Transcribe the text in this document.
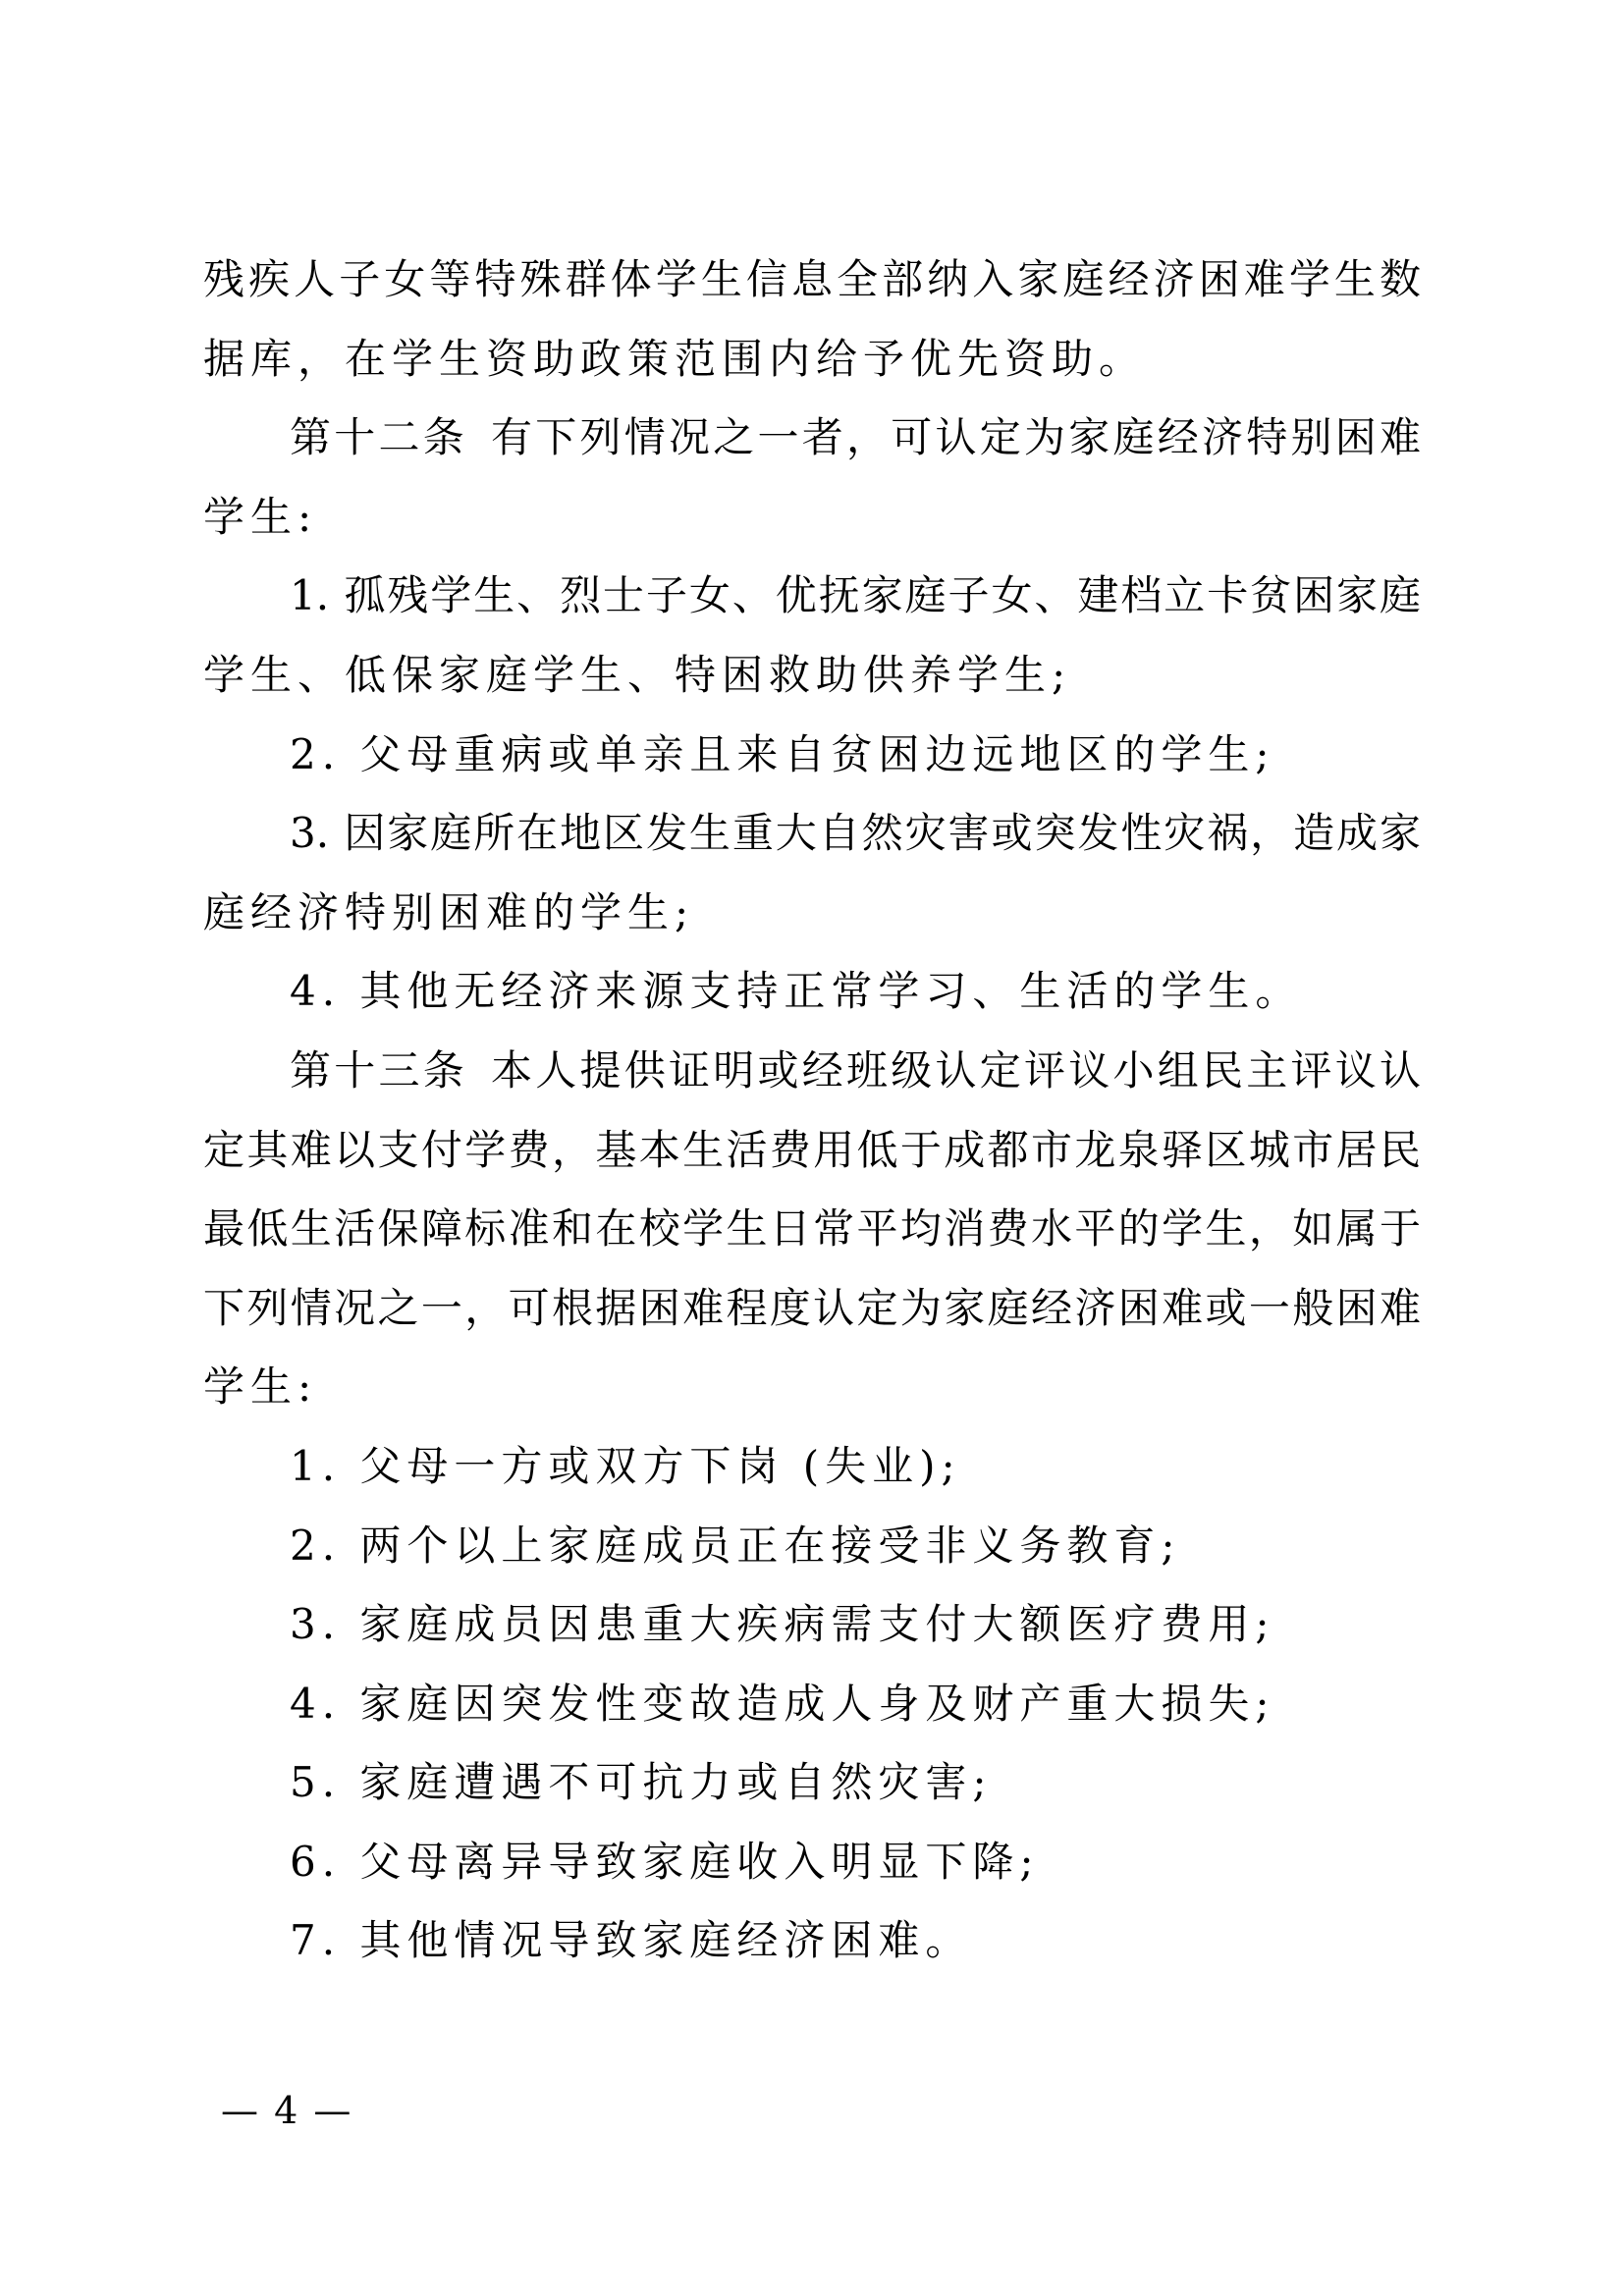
残疾人子女等特殊群体学生信息全部纳入家庭经济困难学生数
据库，在学生资助政策范围内给予优先资助。
第十二条 有下列情况之一者，可认定为家庭经济特别困难
学生:
1. 孤残学生、烈士子女、优抚家庭子女、建档立卡贫困家庭
学生、低保家庭学生、特困救助供养学生;
2. 父母重病或单亲且来自贫困边远地区的学生;
3. 因家庭所在地区发生重大自然灾害或突发性灾祸，造成家
庭经济特别困难的学生;
4. 其他无经济来源支持正常学习、生活的学生。
第十三条 本人提供证明或经班级认定评议小组民主评议认
定其难以支付学费，基本生活费用低于成都市龙泉驿区城市居民
最低生活保障标准和在校学生日常平均消费水平的学生，如属于
下列情况之一，可根据困难程度认定为家庭经济困难或一般困难
学生:
1. 父母一方或双方下岗 (失业);
2. 两个以上家庭成员正在接受非义务教育;
3. 家庭成员因患重大疾病需支付大额医疗费用;
4. 家庭因突发性变故造成人身及财产重大损失;
5. 家庭遭遇不可抗力或自然灾害;
6. 父母离异导致家庭收入明显下降;
7. 其他情况导致家庭经济困难。
— 4 —
